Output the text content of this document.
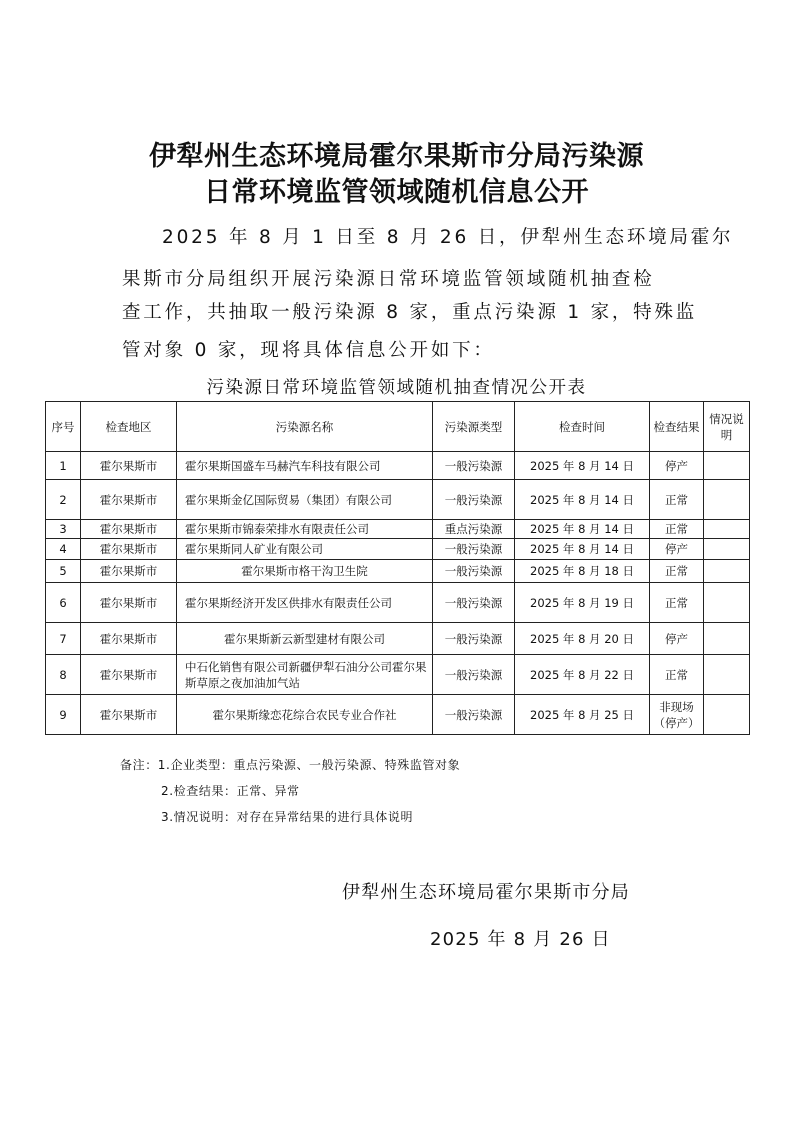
伊犁州生态环境局霍尔果斯市分局污染源
日常环境监管领域随机信息公开
2025 年 8 月 1 日至 8 月 26 日，伊犁州生态环境局霍尔
果斯市分局组织开展污染源日常环境监管领域随机抽查检
查工作，共抽取一般污染源 8 家，重点污染源 1 家，特殊监
管对象 0 家，现将具体信息公开如下：
污染源日常环境监管领域随机抽查情况公开表
序号	检查地区	污染源名称	污染源类型	检查时间	检查结果	情况说明
1	霍尔果斯市	霍尔果斯国盛车马赫汽车科技有限公司	一般污染源	2025 年 8 月 14 日	停产	
2	霍尔果斯市	霍尔果斯金亿国际贸易（集团）有限公司	一般污染源	2025 年 8 月 14 日	正常	
3	霍尔果斯市	霍尔果斯市锦泰荣排水有限责任公司	重点污染源	2025 年 8 月 14 日	正常	
4	霍尔果斯市	霍尔果斯同人矿业有限公司	一般污染源	2025 年 8 月 14 日	停产	
5	霍尔果斯市	霍尔果斯市格干沟卫生院	一般污染源	2025 年 8 月 18 日	正常	
6	霍尔果斯市	霍尔果斯经济开发区供排水有限责任公司	一般污染源	2025 年 8 月 19 日	正常	
7	霍尔果斯市	霍尔果斯新云新型建材有限公司	一般污染源	2025 年 8 月 20 日	停产	
8	霍尔果斯市	中石化销售有限公司新疆伊犁石油分公司霍尔果斯草原之夜加油加气站	一般污染源	2025 年 8 月 22 日	正常	
9	霍尔果斯市	霍尔果斯缘恋花综合农民专业合作社	一般污染源	2025 年 8 月 25 日	非现场（停产）	
备注：1.企业类型：重点污染源、一般污染源、特殊监管对象
2.检查结果：正常、异常
3.情况说明：对存在异常结果的进行具体说明
伊犁州生态环境局霍尔果斯市分局
2025 年 8 月 26 日
